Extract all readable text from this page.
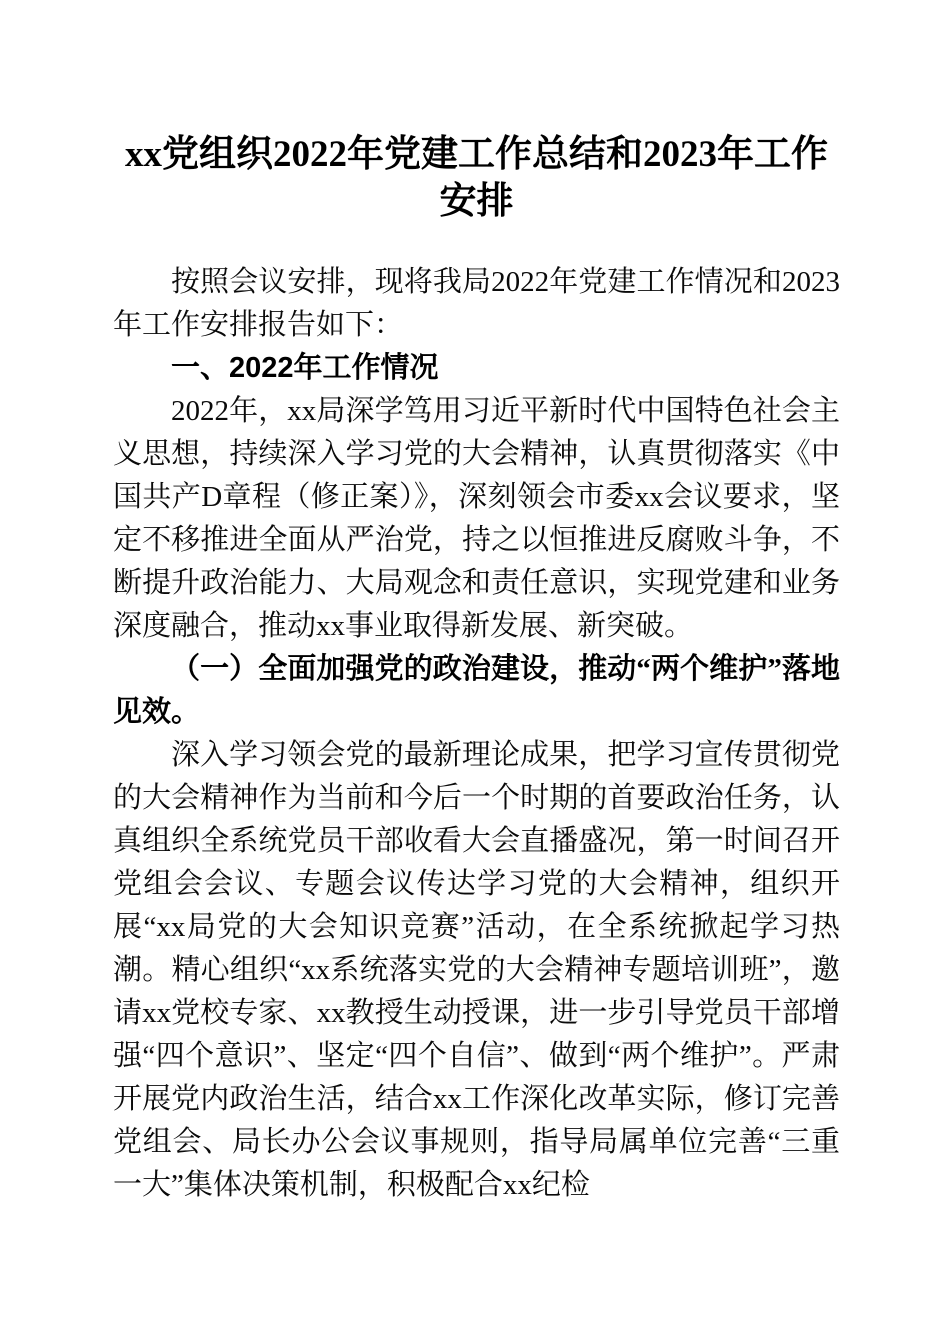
xx党组织2022年党建工作总结和2023年工作安排

按照会议安排，现将我局2022年党建工作情况和2023年工作安排报告如下：

一、2022年工作情况

2022年，xx局深学笃用习近平新时代中国特色社会主义思想，持续深入学习党的大会精神，认真贯彻落实《中国共产D章程（修正案）》，深刻领会市委xx会议要求，坚定不移推进全面从严治党，持之以恒推进反腐败斗争，不断提升政治能力、大局观念和责任意识，实现党建和业务深度融合，推动xx事业取得新发展、新突破。

（一）全面加强党的政治建设，推动“两个维护”落地见效。

深入学习领会党的最新理论成果，把学习宣传贯彻党的大会精神作为当前和今后一个时期的首要政治任务，认真组织全系统党员干部收看大会直播盛况，第一时间召开党组会会议、专题会议传达学习党的大会精神，组织开展“xx局党的大会知识竞赛”活动，在全系统掀起学习热潮。精心组织“xx系统落实党的大会精神专题培训班”，邀请xx党校专家、xx教授生动授课，进一步引导党员干部增强“四个意识”、坚定“四个自信”、做到“两个维护”。严肃开展党内政治生活，结合xx工作深化改革实际，修订完善党组会、局长办公会议事规则，指导局属单位完善“三重一大”集体决策机制，积极配合xx纪检
